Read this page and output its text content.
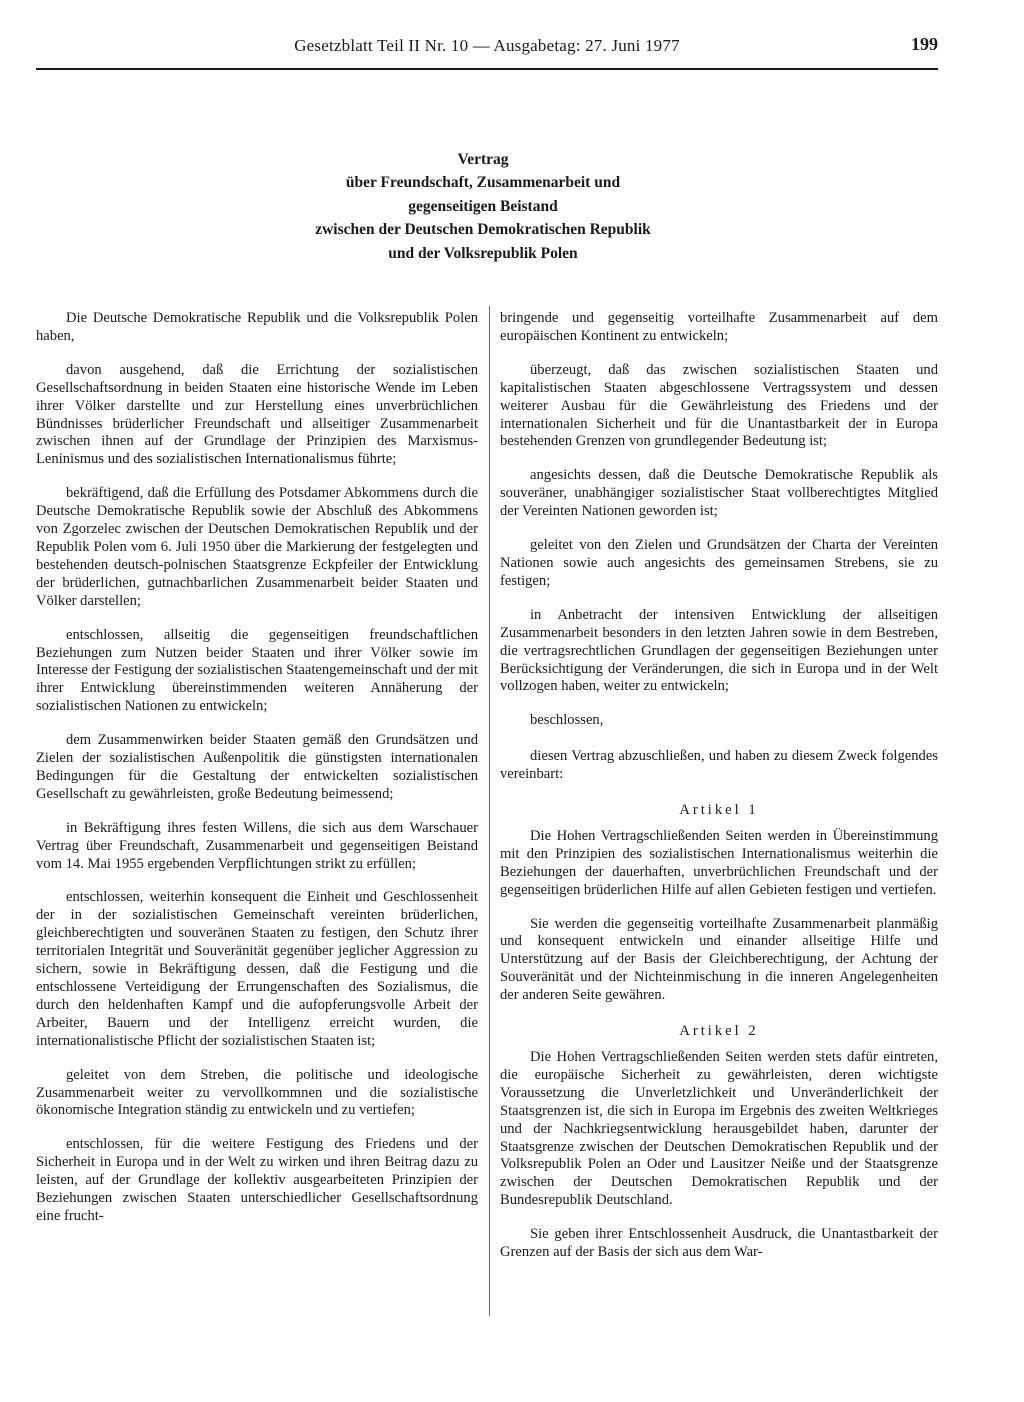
Gesetzblatt Teil II Nr. 10 — Ausgabetag: 27. Juni 1977	199
Vertrag
über Freundschaft, Zusammenarbeit und
gegenseitigen Beistand
zwischen der Deutschen Demokratischen Republik
und der Volksrepublik Polen

Die Deutsche Demokratische Republik und die Volksrepublik Polen haben,

davon ausgehend, daß die Errichtung der sozialistischen Gesellschaftsordnung in beiden Staaten eine historische Wende im Leben ihrer Völker darstellte und zur Herstellung eines unverbrüchlichen Bündnisses brüderlicher Freundschaft und allseitiger Zusammenarbeit zwischen ihnen auf der Grundlage der Prinzipien des Marxismus-Leninismus und des sozialistischen Internationalismus führte;

bekräftigend, daß die Erfüllung des Potsdamer Abkommens durch die Deutsche Demokratische Republik sowie der Abschluß des Abkommens von Zgorzelec zwischen der Deutschen Demokratischen Republik und der Republik Polen vom 6. Juli 1950 über die Markierung der festgelegten und bestehenden deutsch-polnischen Staatsgrenze Eckpfeiler der Entwicklung der brüderlichen, gutnachbarlichen Zusammenarbeit beider Staaten und Völker darstellen;

entschlossen, allseitig die gegenseitigen freundschaftlichen Beziehungen zum Nutzen beider Staaten und ihrer Völker sowie im Interesse der Festigung der sozialistischen Staatengemeinschaft und der mit ihrer Entwicklung übereinstimmenden weiteren Annäherung der sozialistischen Nationen zu entwickeln;

dem Zusammenwirken beider Staaten gemäß den Grundsätzen und Zielen der sozialistischen Außenpolitik die günstigsten internationalen Bedingungen für die Gestaltung der entwickelten sozialistischen Gesellschaft zu gewährleisten, große Bedeutung beimessend;

in Bekräftigung ihres festen Willens, die sich aus dem Warschauer Vertrag über Freundschaft, Zusammenarbeit und gegenseitigen Beistand vom 14. Mai 1955 ergebenden Verpflichtungen strikt zu erfüllen;

entschlossen, weiterhin konsequent die Einheit und Geschlossenheit der in der sozialistischen Gemeinschaft vereinten brüderlichen, gleichberechtigten und souveränen Staaten zu festigen, den Schutz ihrer territorialen Integrität und Souveränität gegenüber jeglicher Aggression zu sichern, sowie in Bekräftigung dessen, daß die Festigung und die entschlossene Verteidigung der Errungenschaften des Sozialismus, die durch den heldenhaften Kampf und die aufopferungsvolle Arbeit der Arbeiter, Bauern und der Intelligenz erreicht wurden, die internationalistische Pflicht der sozialistischen Staaten ist;

geleitet von dem Streben, die politische und ideologische Zusammenarbeit weiter zu vervollkommnen und die sozialistische ökonomische Integration ständig zu entwickeln und zu vertiefen;

entschlossen, für die weitere Festigung des Friedens und der Sicherheit in Europa und in der Welt zu wirken und ihren Beitrag dazu zu leisten, auf der Grundlage der kollektiv ausgearbeiteten Prinzipien der Beziehungen zwischen Staaten unterschiedlicher Gesellschaftsordnung eine frucht-

bringende und gegenseitig vorteilhafte Zusammenarbeit auf dem europäischen Kontinent zu entwickeln;

überzeugt, daß das zwischen sozialistischen Staaten und kapitalistischen Staaten abgeschlossene Vertragssystem und dessen weiterer Ausbau für die Gewährleistung des Friedens und der internationalen Sicherheit und für die Unantastbarkeit der in Europa bestehenden Grenzen von grundlegender Bedeutung ist;

angesichts dessen, daß die Deutsche Demokratische Republik als souveräner, unabhängiger sozialistischer Staat vollberechtigtes Mitglied der Vereinten Nationen geworden ist;

geleitet von den Zielen und Grundsätzen der Charta der Vereinten Nationen sowie auch angesichts des gemeinsamen Strebens, sie zu festigen;

in Anbetracht der intensiven Entwicklung der allseitigen Zusammenarbeit besonders in den letzten Jahren sowie in dem Bestreben, die vertragsrechtlichen Grundlagen der gegenseitigen Beziehungen unter Berücksichtigung der Veränderungen, die sich in Europa und in der Welt vollzogen haben, weiter zu entwickeln;

beschlossen,

diesen Vertrag abzuschließen, und haben zu diesem Zweck folgendes vereinbart:

Artikel 1

Die Hohen Vertragschließenden Seiten werden in Übereinstimmung mit den Prinzipien des sozialistischen Internationalismus weiterhin die Beziehungen der dauerhaften, unverbrüchlichen Freundschaft und der gegenseitigen brüderlichen Hilfe auf allen Gebieten festigen und vertiefen.

Sie werden die gegenseitig vorteilhafte Zusammenarbeit planmäßig und konsequent entwickeln und einander allseitige Hilfe und Unterstützung auf der Basis der Gleichberechtigung, der Achtung der Souveränität und der Nichteinmischung in die inneren Angelegenheiten der anderen Seite gewähren.

Artikel 2

Die Hohen Vertragschließenden Seiten werden stets dafür eintreten, die europäische Sicherheit zu gewährleisten, deren wichtigste Voraussetzung die Unverletzlichkeit und Unveränderlichkeit der Staatsgrenzen ist, die sich in Europa im Ergebnis des zweiten Weltkrieges und der Nachkriegsentwicklung herausgebildet haben, darunter der Staatsgrenze zwischen der Deutschen Demokratischen Republik und der Volksrepublik Polen an Oder und Lausitzer Neiße und der Staatsgrenze zwischen der Deutschen Demokratischen Republik und der Bundesrepublik Deutschland.

Sie geben ihrer Entschlossenheit Ausdruck, die Unantastbarkeit der Grenzen auf der Basis der sich aus dem War-
